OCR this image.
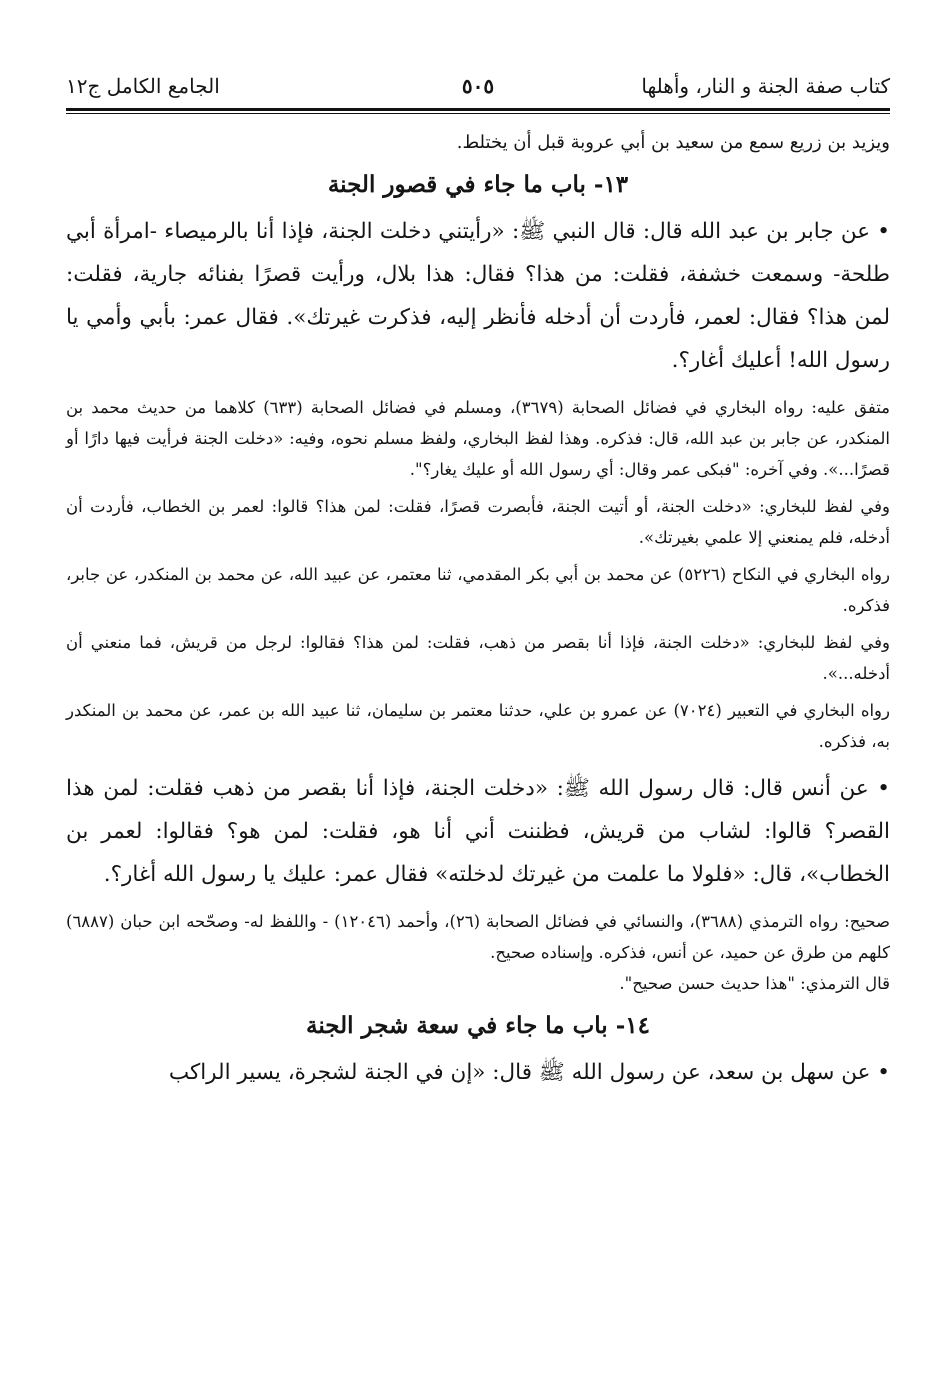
كتاب صفة الجنة و النار، وأهلها
٥٠٥
الجامع الكامل ج١٢

ويزيد بن زريع سمع من سعيد بن أبي عروبة قبل أن يختلط.

١٣- باب ما جاء في قصور الجنة

• عن جابر بن عبد الله قال: قال النبي ﷺ: «رأيتني دخلت الجنة، فإذا أنا بالرميصاء -امرأة أبي طلحة- وسمعت خشفة، فقلت: من هذا؟ فقال: هذا بلال، ورأيت قصرًا بفنائه جارية، فقلت: لمن هذا؟ فقال: لعمر، فأردت أن أدخله فأنظر إليه، فذكرت غيرتك». فقال عمر: بأبي وأمي يا رسول الله! أعليك أغار؟.

متفق عليه: رواه البخاري في فضائل الصحابة (٣٦٧٩)، ومسلم في فضائل الصحابة (٦٣٣) كلاهما من حديث محمد بن المنكدر، عن جابر بن عبد الله، قال: فذكره. وهذا لفظ البخاري، ولفظ مسلم نحوه، وفيه: «دخلت الجنة فرأيت فيها دارًا أو قصرًا...». وفي آخره: "فبكى عمر وقال: أي رسول الله أو عليك يغار؟".

وفي لفظ للبخاري: «دخلت الجنة، أو أتيت الجنة، فأبصرت قصرًا، فقلت: لمن هذا؟ قالوا: لعمر بن الخطاب، فأردت أن أدخله، فلم يمنعني إلا علمي بغيرتك».

رواه البخاري في النكاح (٥٢٢٦) عن محمد بن أبي بكر المقدمي، ثنا معتمر، عن عبيد الله، عن محمد بن المنكدر، عن جابر، فذكره.

وفي لفظ للبخاري: «دخلت الجنة، فإذا أنا بقصر من ذهب، فقلت: لمن هذا؟ فقالوا: لرجل من قريش، فما منعني أن أدخله...».

رواه البخاري في التعبير (٧٠٢٤) عن عمرو بن علي، حدثنا معتمر بن سليمان، ثنا عبيد الله بن عمر، عن محمد بن المنكدر به، فذكره.

• عن أنس قال: قال رسول الله ﷺ: «دخلت الجنة، فإذا أنا بقصر من ذهب فقلت: لمن هذا القصر؟ قالوا: لشاب من قريش، فظننت أني أنا هو، فقلت: لمن هو؟ فقالوا: لعمر بن الخطاب»، قال: «فلولا ما علمت من غيرتك لدخلته» فقال عمر: عليك يا رسول الله أغار؟.

صحيح: رواه الترمذي (٣٦٨٨)، والنسائي في فضائل الصحابة (٢٦)، وأحمد (١٢٠٤٦) - واللفظ له- وصحّحه ابن حبان (٦٨٨٧) كلهم من طرق عن حميد، عن أنس، فذكره. وإسناده صحيح.

قال الترمذي: "هذا حديث حسن صحيح".

١٤- باب ما جاء في سعة شجر الجنة

• عن سهل بن سعد، عن رسول الله ﷺ قال: «إن في الجنة لشجرة، يسير الراكب
